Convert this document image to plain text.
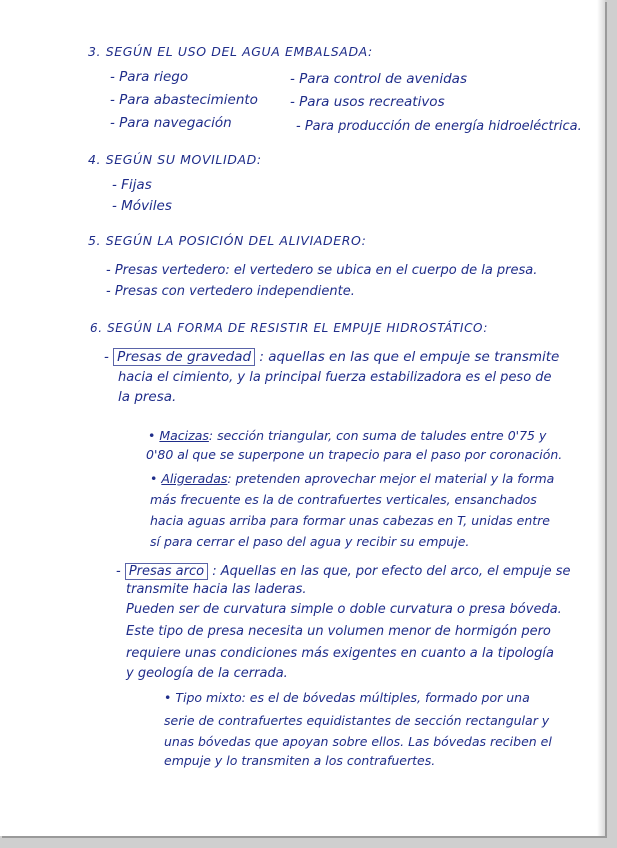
3. SEGÚN EL USO DEL AGUA EMBALSADA:
- Para riego
- Para abastecimiento
- Para navegación
- Para control de avenidas
- Para usos recreativos
- Para producción de energía hidroeléctrica.
4. SEGÚN SU MOVILIDAD:
- Fijas
- Móviles
5. SEGÚN LA POSICIÓN DEL ALIVIADERO:
- Presas vertedero: el vertedero se ubica en el cuerpo de la presa.
- Presas con vertedero independiente.
6. SEGÚN LA FORMA DE RESISTIR EL EMPUJE HIDROSTÁTICO:
- Presas de gravedad : aquellas en las que el empuje se transmite
hacia el cimiento, y la principal fuerza estabilizadora es el peso de
la presa.
• Macizas: sección triangular, con suma de taludes entre 0'75 y
0'80 al que se superpone un trapecio para el paso por coronación.
• Aligeradas: pretenden aprovechar mejor el material y la forma
más frecuente es la de contrafuertes verticales, ensanchados
hacia aguas arriba para formar unas cabezas en T, unidas entre
sí para cerrar el paso del agua y recibir su empuje.
- Presas arco : Aquellas en las que, por efecto del arco, el empuje se
transmite hacia las laderas.
Pueden ser de curvatura simple o doble curvatura o presa bóveda.
Este tipo de presa necesita un volumen menor de hormigón pero
requiere unas condiciones más exigentes en cuanto a la tipología
y geología de la cerrada.
• Tipo mixto: es el de bóvedas múltiples, formado por una
serie de contrafuertes equidistantes de sección rectangular y
unas bóvedas que apoyan sobre ellos. Las bóvedas reciben el
empuje y lo transmiten a los contrafuertes.
